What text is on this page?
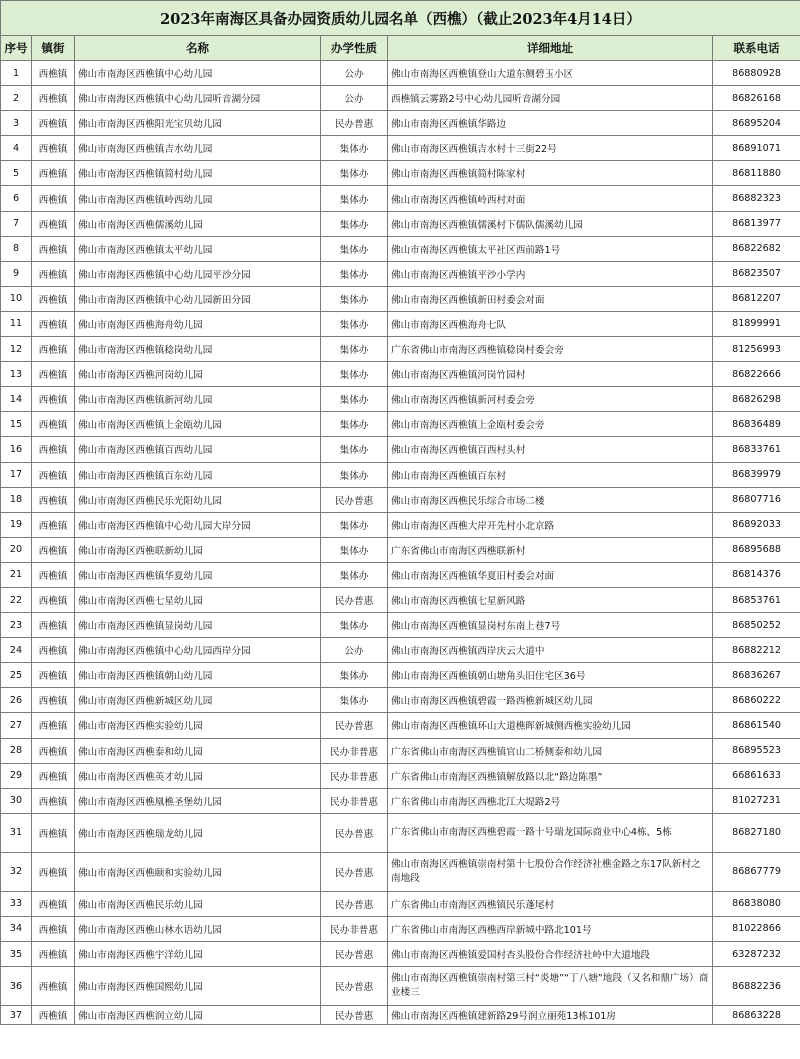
2023年南海区具备办园资质幼儿园名单（西樵）（截止2023年4月14日）					
序号	镇街	名称	办学性质	详细地址	联系电话
1	西樵镇	佛山市南海区西樵镇中心幼儿园	公办	佛山市南海区西樵镇登山大道东侧碧玉小区	86880928
2	西樵镇	佛山市南海区西樵镇中心幼儿园听音湖分园	公办	西樵镇云雾路2号中心幼儿园听音湖分园	86826168
3	西樵镇	佛山市南海区西樵阳光宝贝幼儿园	民办普惠	佛山市南海区西樵镇华路边	86895204
4	西樵镇	佛山市南海区西樵镇吉水幼儿园	集体办	佛山市南海区西樵镇吉水村十三街22号	86891071
5	西樵镇	佛山市南海区西樵镇简村幼儿园	集体办	佛山市南海区西樵镇简村陈家村	86811880
6	西樵镇	佛山市南海区西樵镇岭西幼儿园	集体办	佛山市南海区西樵镇岭西村对面	86882323
7	西樵镇	佛山市南海区西樵儒溪幼儿园	集体办	佛山市南海区西樵镇儒溪村下儒队儒溪幼儿园	86813977
8	西樵镇	佛山市南海区西樵镇太平幼儿园	集体办	佛山市南海区西樵镇太平社区西前路1号	86822682
9	西樵镇	佛山市南海区西樵镇中心幼儿园平沙分园	集体办	佛山市南海区西樵镇平沙小学内	86823507
10	西樵镇	佛山市南海区西樵镇中心幼儿园新田分园	集体办	佛山市南海区西樵镇新田村委会对面	86812207
11	西樵镇	佛山市南海区西樵海舟幼儿园	集体办	佛山市南海区西樵海舟七队	81899991
12	西樵镇	佛山市南海区西樵镇稔岗幼儿园	集体办	广东省佛山市南海区西樵镇稔岗村委会旁	81256993
13	西樵镇	佛山市南海区西樵河岗幼儿园	集体办	佛山市南海区西樵镇河岗竹园村	86822666
14	西樵镇	佛山市南海区西樵镇新河幼儿园	集体办	佛山市南海区西樵镇新河村委会旁	86826298
15	西樵镇	佛山市南海区西樵镇上金瓯幼儿园	集体办	佛山市南海区西樵镇上金瓯村委会旁	86836489
16	西樵镇	佛山市南海区西樵镇百西幼儿园	集体办	佛山市南海区西樵镇百西村头村	86833761
17	西樵镇	佛山市南海区西樵镇百东幼儿园	集体办	佛山市南海区西樵镇百东村	86839979
18	西樵镇	佛山市南海区西樵民乐光阳幼儿园	民办普惠	佛山市南海区西樵民乐综合市场二楼	86807716
19	西樵镇	佛山市南海区西樵镇中心幼儿园大岸分园	集体办	佛山市南海区西樵大岸开先村小北京路	86892033
20	西樵镇	佛山市南海区西樵联新幼儿园	集体办	广东省佛山市南海区西樵联新村	86895688
21	西樵镇	佛山市南海区西樵镇华夏幼儿园	集体办	佛山市南海区西樵镇华夏旧村委会对面	86814376
22	西樵镇	佛山市南海区西樵七星幼儿园	民办普惠	佛山市南海区西樵镇七星新风路	86853761
23	西樵镇	佛山市南海区西樵镇显岗幼儿园	集体办	佛山市南海区西樵镇显岗村东南上巷7号	86850252
24	西樵镇	佛山市南海区西樵镇中心幼儿园西岸分园	公办	佛山市南海区西樵镇西岸庆云大道中	86882212
25	西樵镇	佛山市南海区西樵镇朝山幼儿园	集体办	佛山市南海区西樵镇朝山塘角头旧住宅区36号	86836267
26	西樵镇	佛山市南海区西樵新城区幼儿园	集体办	佛山市南海区西樵镇碧霞一路西樵新城区幼儿园	86860222
27	西樵镇	佛山市南海区西樵实验幼儿园	民办普惠	佛山市南海区西樵镇环山大道樵晖新城侧西樵实验幼儿园	86861540
28	西樵镇	佛山市南海区西樵泰和幼儿园	民办非普惠	广东省佛山市南海区西樵镇官山二桥侧泰和幼儿园	86895523
29	西樵镇	佛山市南海区西樵英才幼儿园	民办非普惠	广东省佛山市南海区西樵镇解放路以北“路边陈墨”	66861633
30	西樵镇	佛山市南海区西樵凰樵圣堡幼儿园	民办非普惠	广东省佛山市南海区西樵北江大堤路2号	81027231
31	西樵镇	佛山市南海区西樵瑞龙幼儿园	民办普惠	广东省佛山市南海区西樵碧霞一路十号瑞龙国际商业中心4栋、5栋	86827180
32	西樵镇	佛山市南海区西樵颐和实验幼儿园	民办普惠	佛山市南海区西樵镇崇南村第十七股份合作经济社樵金路之东17队新村之南地段	86867779
33	西樵镇	佛山市南海区西樵民乐幼儿园	民办普惠	广东省佛山市南海区西樵镇民乐蓬尾村	86838080
34	西樵镇	佛山市南海区西樵山林水语幼儿园	民办非普惠	广东省佛山市南海区西樵西岸新城中路北101号	81022866
35	西樵镇	佛山市南海区西樵宇洋幼儿园	民办普惠	佛山市南海区西樵镇爱国村杏头股份合作经济社岭中大道地段	63287232
36	西樵镇	佛山市南海区西樵国熙幼儿园	民办普惠	佛山市南海区西樵镇崇南村第三村“炎塘”“丁八塘”地段（又名和鼎广场）商业楼三	86882236
37	西樵镇	佛山市南海区西樵润立幼儿园	民办普惠	佛山市南海区西樵镇建新路29号润立丽苑13栋101房	86863228
